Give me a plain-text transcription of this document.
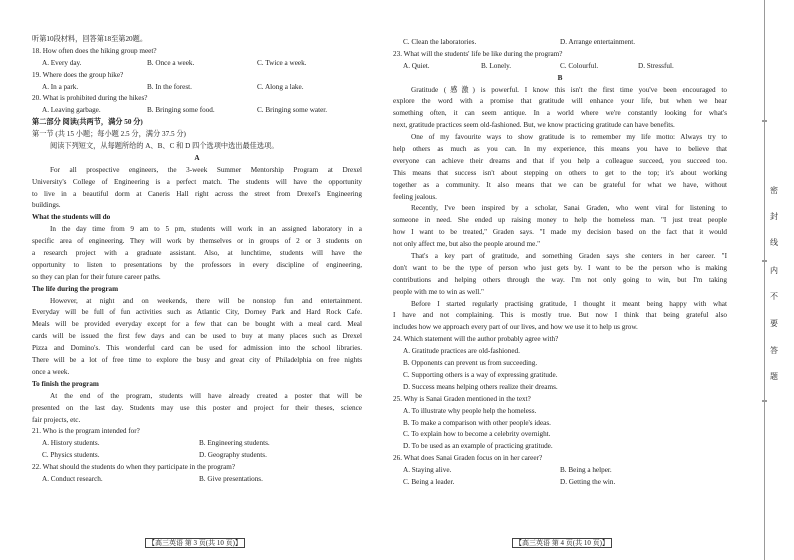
听第10段材料，回答第18至第20题。
18. How often does the hiking group meet?
A. Every day.	B. Once a week.	C. Twice a week.
19. Where does the group hike?
A. In a park.	B. In the forest.	C. Along a lake.
20. What is prohibited during the hikes?
A. Leaving garbage.	B. Bringing some food.	C. Bringing some water.
第二部分 阅读(共两节，满分 50 分)
第一节 (共 15 小题；每小题 2.5 分，满分 37.5 分)
阅读下列短文，从每题所给的 A、B、C 和 D 四个选项中选出最佳选项。
A
For all prospective engineers, the 3-week Summer Mentorship Program at Drexel
University's College of Engineering is a perfect match. The students will have the opportunity
to live in a beautiful dorm at Caneris Hall right across the street from Drexel's Engineering
buildings.
What the students will do
In the day time from 9 am to 5 pm, students will work in an assigned laboratory in a
specific area of engineering. They will work by themselves or in groups of 2 or 3 students on
a research project with a graduate assistant. Also, at lunchtime, students will have the
opportunity to listen to presentations by the professors in every discipline of engineering,
so they can plan for their future career paths.
The life during the program
However, at night and on weekends, there will be nonstop fun and entertainment.
Everyday will be full of fun activities such as Atlantic City, Dorney Park and Hard Rock Cafe.
Meals will be provided everyday except for a few that can be bought with a meal card. Meal
cards will be issued the first few days and can be used to buy at many places such as Drexel
Pizza and Domino's. This wonderful card can be used for admission into the school libraries.
There will be a lot of free time to explore the busy and great city of Philadelphia on free nights
once a week.
To finish the program
At the end of the program, students will have already created a poster that will be
presented on the last day. Students may use this poster and project for their theses, science
fair projects, etc.
21. Who is the program intended for?
A. History students.	B. Engineering students.
C. Physics students.	D. Geography students.
22. What should the students do when they participate in the program?
A. Conduct research.	B. Give presentations.
【高三英语 第 3 页(共 10 页)】
C. Clean the laboratories.	D. Arrange entertainment.
23. What will the students' life be like during the program?
A. Quiet.	B. Lonely.	C. Colourful.	D. Stressful.
B
Gratitude (感激) is powerful. I know this isn't the first time you've been encouraged to
explore the word with a promise that gratitude will enhance your life, but when we hear
something often, it can seem antique. In a world where we're constantly looking for what's
next, gratitude practices seem old-fashioned. But, we know practicing gratitude can have benefits.
One of my favourite ways to show gratitude is to remember my life motto: Always try to
help others as much as you can. In my experience, this means you have to believe that
everyone can achieve their dreams and that if you help a colleague succeed, you succeed too.
This means that success isn't about stepping on others to get to the top; it's about working
together as a community. It also means that we can be grateful for what we have, without
feeling jealous.
Recently, I've been inspired by a scholar, Sanai Graden, who went viral for listening to
someone in need. She ended up raising money to help the homeless man. "I just treat people
how I want to be treated," Graden says. "I made my decision based on the fact that it would
not only affect me, but also the people around me."
That's a key part of gratitude, and something Graden says she centers in her career. "I
don't want to be the type of person who just gets by. I want to be the person who is making
contributions and helping others through the way. I'm not only going to win, but I'm taking
people with me to win as well."
Before I started regularly practising gratitude, I thought it meant being happy with what
I have and not complaining. This is mostly true. But now I think that being grateful also
includes how we approach every part of our lives, and how we use it to help us grow.
24. Which statement will the author probably agree with?
A. Gratitude practices are old-fashioned.
B. Opponents can prevent us from succeeding.
C. Supporting others is a way of expressing gratitude.
D. Success means helping others realize their dreams.
25. Why is Sanai Graden mentioned in the text?
A. To illustrate why people help the homeless.
B. To make a comparison with other people's ideas.
C. To explain how to become a celebrity overnight.
D. To be used as an example of practicing gratitude.
26. What does Sanai Graden focus on in her career?
A. Staying alive.	B. Being a helper.
C. Being a leader.	D. Getting the win.
【高三英语 第 4 页(共 10 页)】
密
封
线
内
不
要
答
题
